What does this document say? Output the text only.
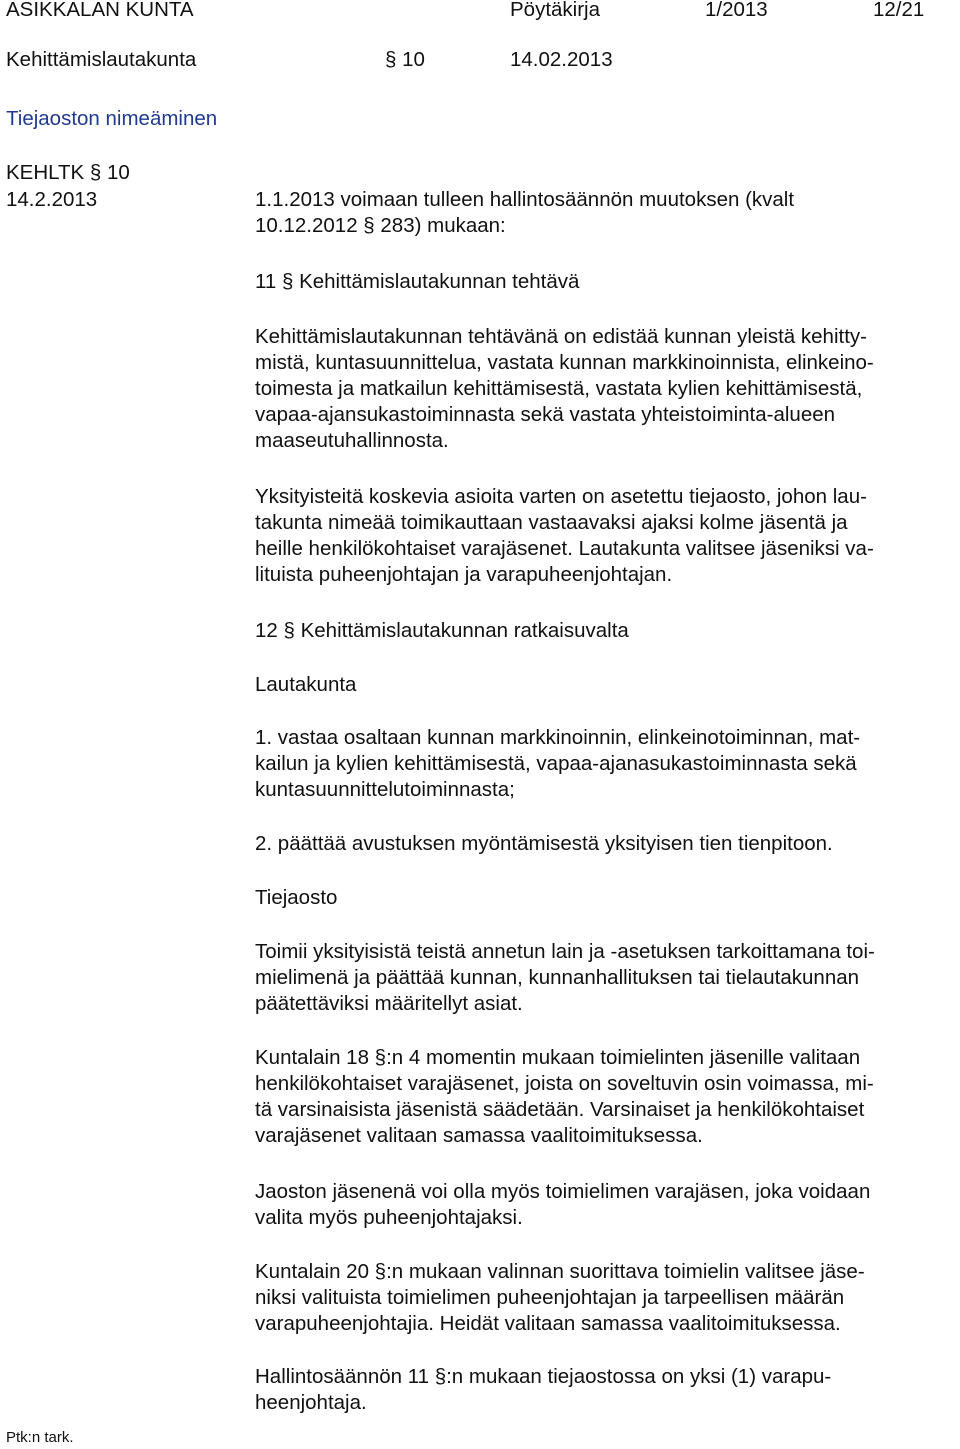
ASIKKALAN KUNTA	Pöytäkirja	1/2013	12/21
Kehittämislautakunta	§ 10	14.02.2013
Tiejaoston nimeäminen
KEHLTK § 10
14.2.2013	1.1.2013 voimaan tulleen hallintosäännön muutoksen (kvalt
10.12.2012 § 283) mukaan:
11 § Kehittämislautakunnan tehtävä
Kehittämislautakunnan tehtävänä on edistää kunnan yleistä kehitty-
mistä, kuntasuunnittelua, vastata kunnan markkinoinnista, elinkeino-
toimesta ja matkailun kehittämisestä, vastata kylien kehittämisestä,
vapaa-ajansukastoiminnasta sekä vastata yhteistoiminta-alueen
maaseutuhallinnosta.
Yksityisteitä koskevia asioita varten on asetettu tiejaosto, johon lau-
takunta nimeää toimikauttaan vastaavaksi ajaksi kolme jäsentä ja
heille henkilökohtaiset varajäsenet. Lautakunta valitsee jäseniksi va-
lituista puheenjohtajan ja varapuheenjohtajan.
12 § Kehittämislautakunnan ratkaisuvalta
Lautakunta
1. vastaa osaltaan kunnan markkinoinnin, elinkeinotoiminnan, mat-
kailun ja kylien kehittämisestä, vapaa-ajanasukastoiminnasta sekä
kuntasuunnittelutoiminnasta;
2. päättää avustuksen myöntämisestä yksityisen tien tienpitoon.
Tiejaosto
Toimii yksityisistä teistä annetun lain ja -asetuksen tarkoittamana toi-
mielimenä ja päättää kunnan, kunnanhallituksen tai tielautakunnan
päätettäviksi määritellyt asiat.
Kuntalain 18 §:n 4 momentin mukaan toimielinten jäsenille valitaan
henkilökohtaiset varajäsenet, joista on soveltuvin osin voimassa, mi-
tä varsinaisista jäsenistä säädetään. Varsinaiset ja henkilökohtaiset
varajäsenet valitaan samassa vaalitoimituksessa.
Jaoston jäsenenä voi olla myös toimielimen varajäsen, joka voidaan
valita myös puheenjohtajaksi.
Kuntalain 20 §:n mukaan valinnan suorittava toimielin valitsee jäse-
niksi valituista toimielimen puheenjohtajan ja tarpeellisen määrän
varapuheenjohtajia. Heidät valitaan samassa vaalitoimituksessa.
Hallintosäännön 11 §:n mukaan tiejaostossa on yksi (1) varapu-
heenjohtaja.
Ptk:n tark.
